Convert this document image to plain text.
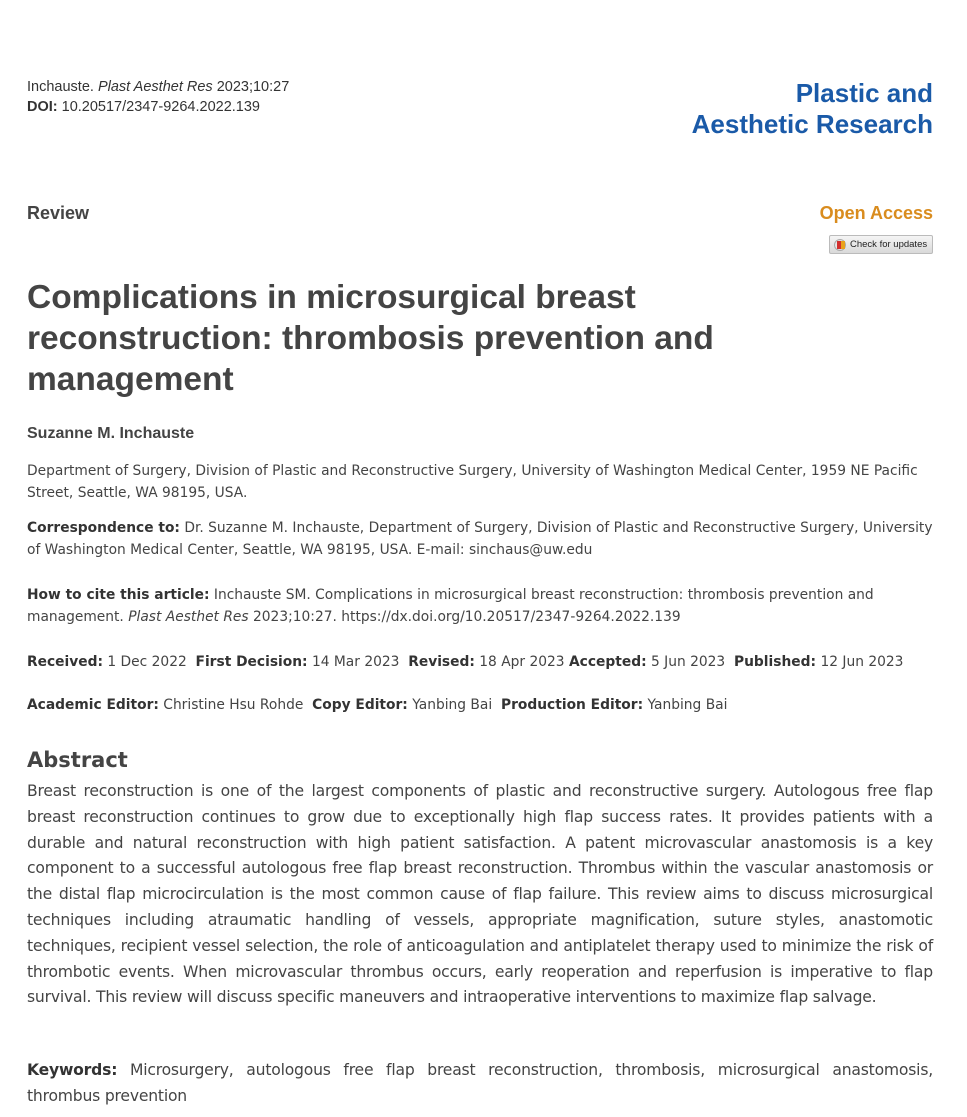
Inchauste. Plast Aesthet Res 2023;10:27
DOI: 10.20517/2347-9264.2022.139	Plastic and
Aesthetic Research
Review	Open Access
Check for updates
Complications in microsurgical breast reconstruction: thrombosis prevention and management
Suzanne M. Inchauste
Department of Surgery, Division of Plastic and Reconstructive Surgery, University of Washington Medical Center, 1959 NE Pacific Street, Seattle, WA 98195, USA.
Correspondence to: Dr. Suzanne M. Inchauste, Department of Surgery, Division of Plastic and Reconstructive Surgery, University of Washington Medical Center, Seattle, WA 98195, USA. E-mail: sinchaus@uw.edu
How to cite this article: Inchauste SM. Complications in microsurgical breast reconstruction: thrombosis prevention and management. Plast Aesthet Res 2023;10:27. https://dx.doi.org/10.20517/2347-9264.2022.139
Received: 1 Dec 2022 First Decision: 14 Mar 2023 Revised: 18 Apr 2023 Accepted: 5 Jun 2023 Published: 12 Jun 2023
Academic Editor: Christine Hsu Rohde Copy Editor: Yanbing Bai Production Editor: Yanbing Bai
Abstract

Breast reconstruction is one of the largest components of plastic and reconstructive surgery. Autologous free flap breast reconstruction continues to grow due to exceptionally high flap success rates. It provides patients with a durable and natural reconstruction with high patient satisfaction. A patent microvascular anastomosis is a key component to a successful autologous free flap breast reconstruction. Thrombus within the vascular anastomosis or the distal flap microcirculation is the most common cause of flap failure. This review aims to discuss microsurgical techniques including atraumatic handling of vessels, appropriate magnification, suture styles, anastomotic techniques, recipient vessel selection, the role of anticoagulation and antiplatelet therapy used to minimize the risk of thrombotic events. When microvascular thrombus occurs, early reoperation and reperfusion is imperative to flap survival. This review will discuss specific maneuvers and intraoperative interventions to maximize flap salvage.

Keywords: Microsurgery, autologous free flap breast reconstruction, thrombosis, microsurgical anastomosis, thrombus prevention
